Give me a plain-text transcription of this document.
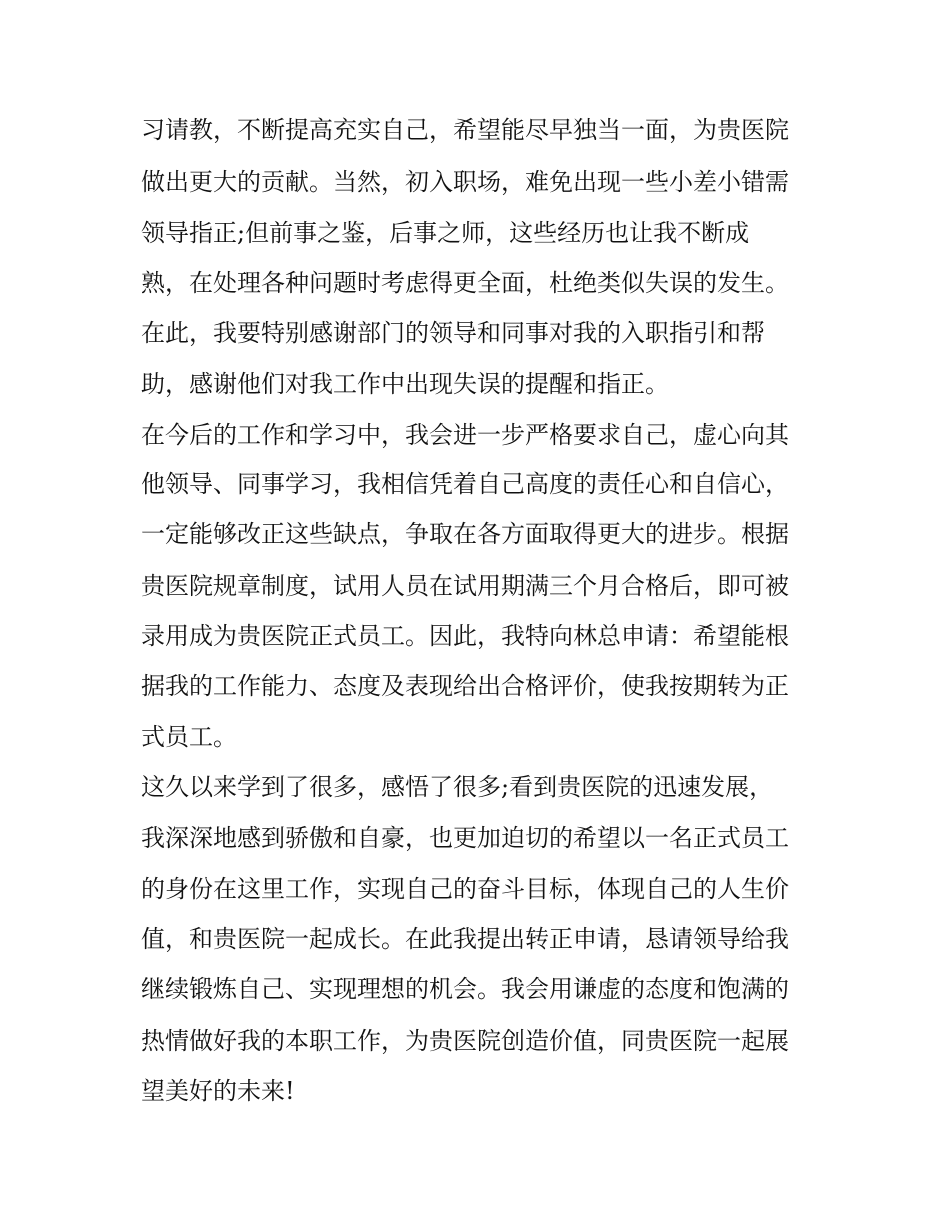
习请教，不断提高充实自己，希望能尽早独当一面，为贵医院
做出更大的贡献。当然，初入职场，难免出现一些小差小错需
领导指正;但前事之鉴，后事之师，这些经历也让我不断成
熟，在处理各种问题时考虑得更全面，杜绝类似失误的发生。
在此，我要特别感谢部门的领导和同事对我的入职指引和帮
助，感谢他们对我工作中出现失误的提醒和指正。
在今后的工作和学习中，我会进一步严格要求自己，虚心向其
他领导、同事学习，我相信凭着自己高度的责任心和自信心，
一定能够改正这些缺点，争取在各方面取得更大的进步。根据
贵医院规章制度，试用人员在试用期满三个月合格后，即可被
录用成为贵医院正式员工。因此，我特向林总申请：希望能根
据我的工作能力、态度及表现给出合格评价，使我按期转为正
式员工。
这久以来学到了很多，感悟了很多;看到贵医院的迅速发展，
我深深地感到骄傲和自豪，也更加迫切的希望以一名正式员工
的身份在这里工作，实现自己的奋斗目标，体现自己的人生价
值，和贵医院一起成长。在此我提出转正申请，恳请领导给我
继续锻炼自己、实现理想的机会。我会用谦虚的态度和饱满的
热情做好我的本职工作，为贵医院创造价值，同贵医院一起展
望美好的未来!
